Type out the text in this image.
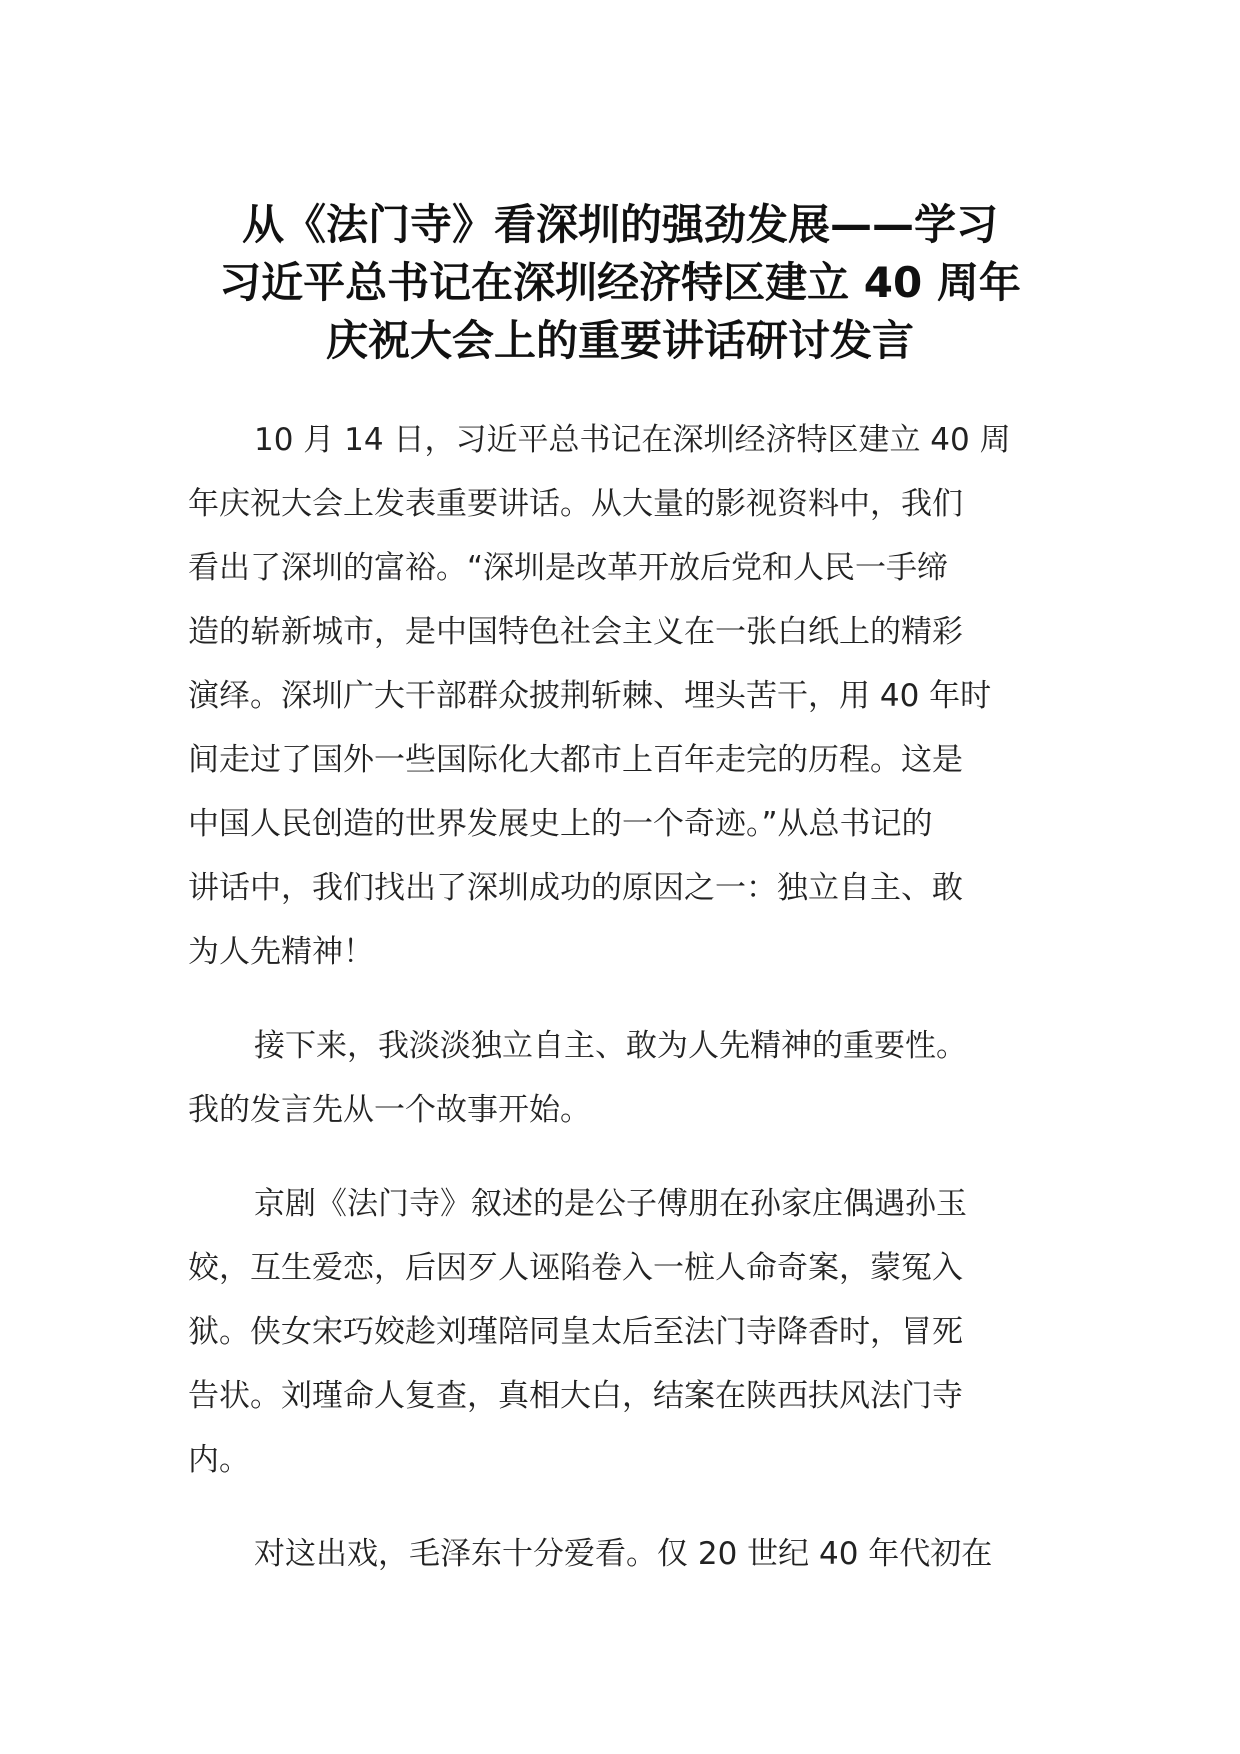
从《法门寺》看深圳的强劲发展——学习
习近平总书记在深圳经济特区建立 40 周年
庆祝大会上的重要讲话研讨发言

10 月 14 日，习近平总书记在深圳经济特区建立 40 周
年庆祝大会上发表重要讲话。从大量的影视资料中，我们
看出了深圳的富裕。“深圳是改革开放后党和人民一手缔
造的崭新城市，是中国特色社会主义在一张白纸上的精彩
演绎。深圳广大干部群众披荆斩棘、埋头苦干，用 40 年时
间走过了国外一些国际化大都市上百年走完的历程。这是
中国人民创造的世界发展史上的一个奇迹。”从总书记的
讲话中，我们找出了深圳成功的原因之一：独立自主、敢
为人先精神！

接下来，我淡淡独立自主、敢为人先精神的重要性。
我的发言先从一个故事开始。

京剧《法门寺》叙述的是公子傅朋在孙家庄偶遇孙玉
姣，互生爱恋，后因歹人诬陷卷入一桩人命奇案，蒙冤入
狱。侠女宋巧姣趁刘瑾陪同皇太后至法门寺降香时，冒死
告状。刘瑾命人复查，真相大白，结案在陕西扶风法门寺
内。

对这出戏，毛泽东十分爱看。仅 20 世纪 40 年代初在
